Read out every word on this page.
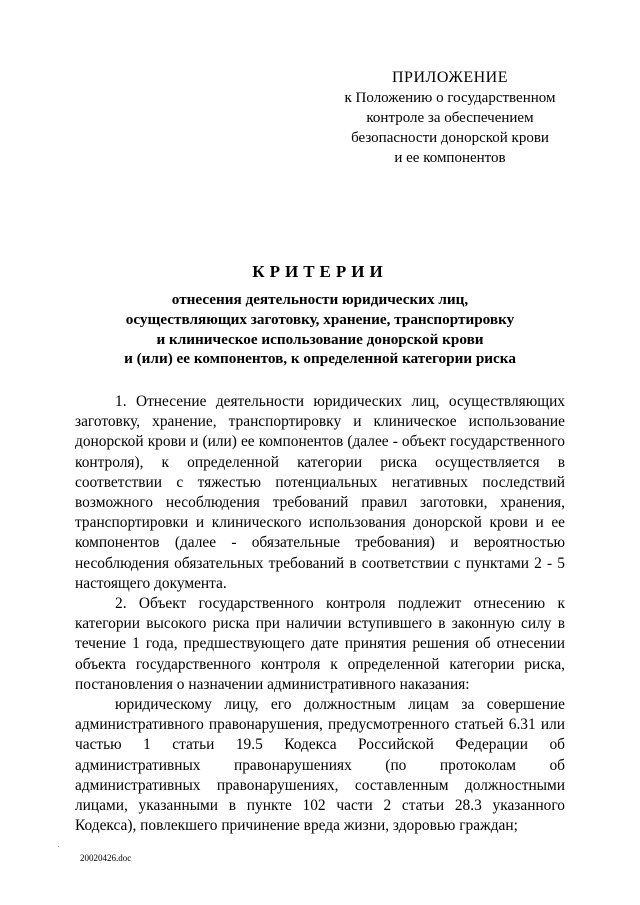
ПРИЛОЖЕНИЕ
к Положению о государственном
контроле за обеспечением
безопасности донорской крови
и ее компонентов
КРИТЕРИИ
отнесения деятельности юридических лиц,
осуществляющих заготовку, хранение, транспортировку
и клиническое использование донорской крови
и (или) ее компонентов, к определенной категории риска

1. Отнесение деятельности юридических лиц, осуществляющих заготовку, хранение, транспортировку и клиническое использование донорской крови и (или) ее компонентов (далее - объект государственного контроля), к определенной категории риска осуществляется в соответствии с тяжестью потенциальных негативных последствий возможного несоблюдения требований правил заготовки, хранения, транспортировки и клинического использования донорской крови и ее компонентов (далее - обязательные требования) и вероятностью несоблюдения обязательных требований в соответствии с пунктами 2 - 5 настоящего документа.

2. Объект государственного контроля подлежит отнесению к категории высокого риска при наличии вступившего в законную силу в течение 1 года, предшествующего дате принятия решения об отнесении объекта государственного контроля к определенной категории риска, постановления о назначении административного наказания:

юридическому лицу, его должностным лицам за совершение административного правонарушения, предусмотренного статьей 6.31 или частью 1 статьи 19.5 Кодекса Российской Федерации об административных правонарушениях (по протоколам об административных правонарушениях, составленным должностными лицами, указанными в пункте 102 части 2 статьи 28.3 указанного Кодекса), повлекшего причинение вреда жизни, здоровью граждан;

20020426.doc
